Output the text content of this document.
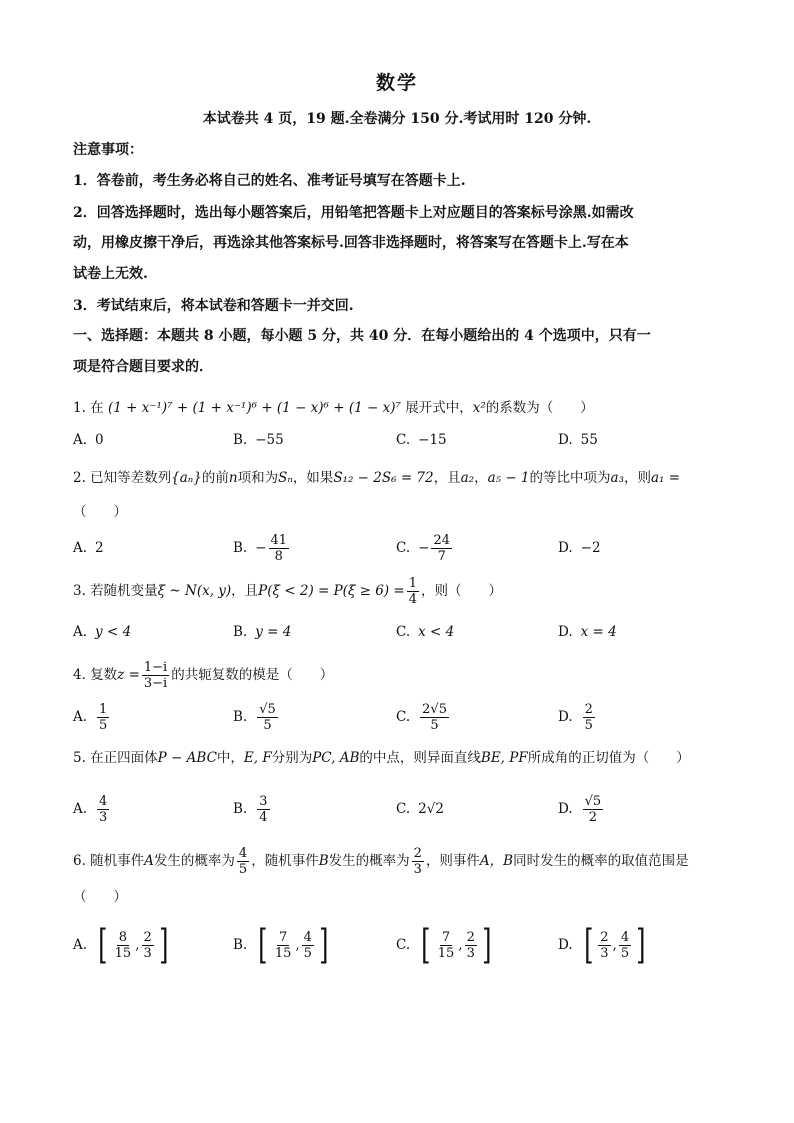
数学
本试卷共 4 页，19 题.全卷满分 150 分.考试用时 120 分钟.
注意事项：
1．答卷前，考生务必将自己的姓名、准考证号填写在答题卡上.
2．回答选择题时，选出每小题答案后，用铅笔把答题卡上对应题目的答案标号涂黑.如需改
动，用橡皮擦干净后，再选涂其他答案标号.回答非选择题时，将答案写在答题卡上.写在本
试卷上无效.
3．考试结束后，将本试卷和答题卡一并交回.
一、选择题：本题共 8 小题，每小题 5 分，共 40 分．在每小题给出的 4 个选项中，只有一
项是符合题目要求的．
1. 在 (1 + x⁻¹)⁷ + (1 + x⁻¹)⁶ + (1 − x)⁶ + (1 − x)⁷ 展开式中，x²的系数为（　　）
A. 0	B. −55	C. −15	D. 55
2. 已知等差数列{aₙ}的前n项和为Sₙ，如果S₁₂ − 2S₆ = 72，且a₂，a₅ − 1的等比中项为a₃，则a₁ =
（　　）
A. 2	B. − $\frac{41}{8}$	C. − $\frac{24}{7}$	D. −2
3. 若随机变量 ξ ~ N(x, y) ，且 $P(\xi < 2) = P(\xi \ge 6) = \frac{1}{4}$ ，则（　　）
A. y < 4	B. y = 4	C. x < 4	D. x = 4
4. 复数 $z = \frac{1-i}{3-i}$ 的共轭复数的模是（　　）
A. $\frac{1}{5}$	B. $\frac{√5}{5}$	C. $\frac{2√5}{5}$	D. $\frac{2}{5}$
5. 在正四面体P − ABC中，E, F分别为PC, AB的中点，则异面直线BE, PF所成角的正切值为（　　）
A. $\frac{4}{3}$	B. $\frac{3}{4}$	C. 2√2	D. $\frac{√5}{2}$
6. 随机事件 A 发生的概率为 $\frac{4}{5}$ ，随机事件 B 发生的概率为 $\frac{2}{3}$ ，则事件 A，B 同时发生的概率的取值范围是
（　　）
A. [ $\frac{8}{15}$ , $\frac{2}{3}$ ]	B. [ $\frac{7}{15}$ , $\frac{4}{5}$ ]	C. [ $\frac{7}{15}$ , $\frac{2}{3}$ ]	D. [ $\frac{2}{3}$ , $\frac{4}{5}$ ]
